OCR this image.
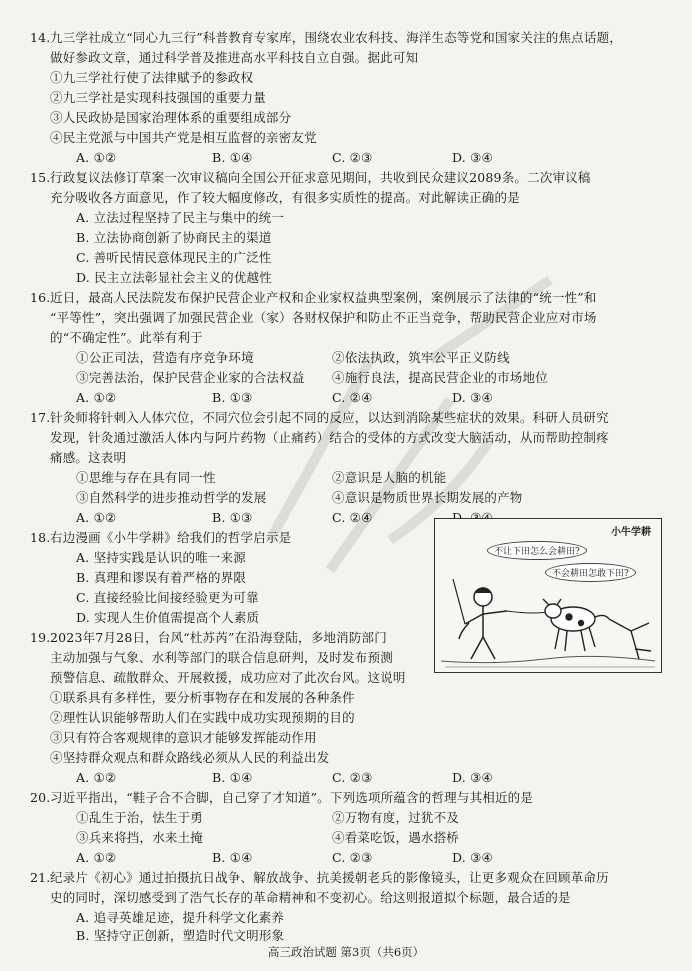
14. 九三学社成立“同心九三行”科普教育专家库，围绕农业农科技、海洋生态等党和国家关注的焦点话题，
做好参政文章，通过科学普及推进高水平科技自立自强。据此可知
①九三学社行使了法律赋予的参政权
②九三学社是实现科技强国的重要力量
③人民政协是国家治理体系的重要组成部分
④民主党派与中国共产党是相互监督的亲密友党
A. ①②	B. ①④	C. ②③	D. ③④
15. 行政复议法修订草案一次审议稿向全国公开征求意见期间，共收到民众建议2089条。二次审议稿
充分吸收各方面意见，作了较大幅度修改，有很多实质性的提高。对此解读正确的是
A. 立法过程坚持了民主与集中的统一
B. 立法协商创新了协商民主的渠道
C. 善听民情民意体现民主的广泛性
D. 民主立法彰显社会主义的优越性
16. 近日，最高人民法院发布保护民营企业产权和企业家权益典型案例，案例展示了法律的“统一性”和
“平等性”，突出强调了加强民营企业（家）各财权保护和防止不正当竞争，帮助民营企业应对市场
的“不确定性”。此举有利于
①公正司法，营造有序竞争环境	②依法执政，筑牢公平正义防线
③完善法治，保护民营企业家的合法权益 ④施行良法，提高民营企业的市场地位
A. ①②	B. ①③	C. ②④	D. ③④
17. 针灸师将针刺入人体穴位，不同穴位会引起不同的反应，以达到消除某些症状的效果。科研人员研究
发现，针灸通过激活人体内与阿片药物（止痛药）结合的受体的方式改变大脑活动，从而帮助控制疼
痛感。这表明
①思维与存在具有同一性	②意识是人脑的机能
③自然科学的进步推动哲学的发展	④意识是物质世界长期发展的产物
A. ①②	B. ①③	C. ②④
18. 右边漫画《小牛学耕》给我们的哲学启示是
A. 坚持实践是认识的唯一来源
B. 真理和谬误有着严格的界限
C. 直接经验比间接经验更为可靠
D. 实现人生价值需提高个人素质
小牛学耕
不让下田怎么会耕田?
不会耕田怎敢下田?
19. 2023年7月28日，台风“杜苏芮”在沿海登陆，多地消防部门
主动加强与气象、水利等部门的联合信息研判，及时发布预测
预警信息、疏散群众、开展救援，成功应对了此次台风。这说明
①联系具有多样性，要分析事物存在和发展的各种条件
②理性认识能够帮助人们在实践中成功实现预期的目的
③只有符合客观规律的意识才能够发挥能动作用
④坚持群众观点和群众路线必须从人民的利益出发
A. ①②	B. ①④	C. ②③	D. ③④
20. 习近平指出，“鞋子合不合脚，自己穿了才知道”。下列选项所蕴含的哲理与其相近的是
①乱生于治，怯生于勇	②万物有度，过犹不及
③兵来将挡，水来土掩	④看菜吃饭，遇水搭桥
A. ①②	B. ①④	C. ②③	D. ③④
21. 纪录片《初心》通过拍摄抗日战争、解放战争、抗美援朝老兵的影像镜头，让更多观众在回顾革命历
史的同时，深切感受到了浩气长存的革命精神和不变初心。给这则报道拟个标题，最合适的是
A. 追寻英雄足迹，提升科学文化素养
B. 坚持守正创新，塑造时代文明形象
高三政治试题 第3页（共6页）
